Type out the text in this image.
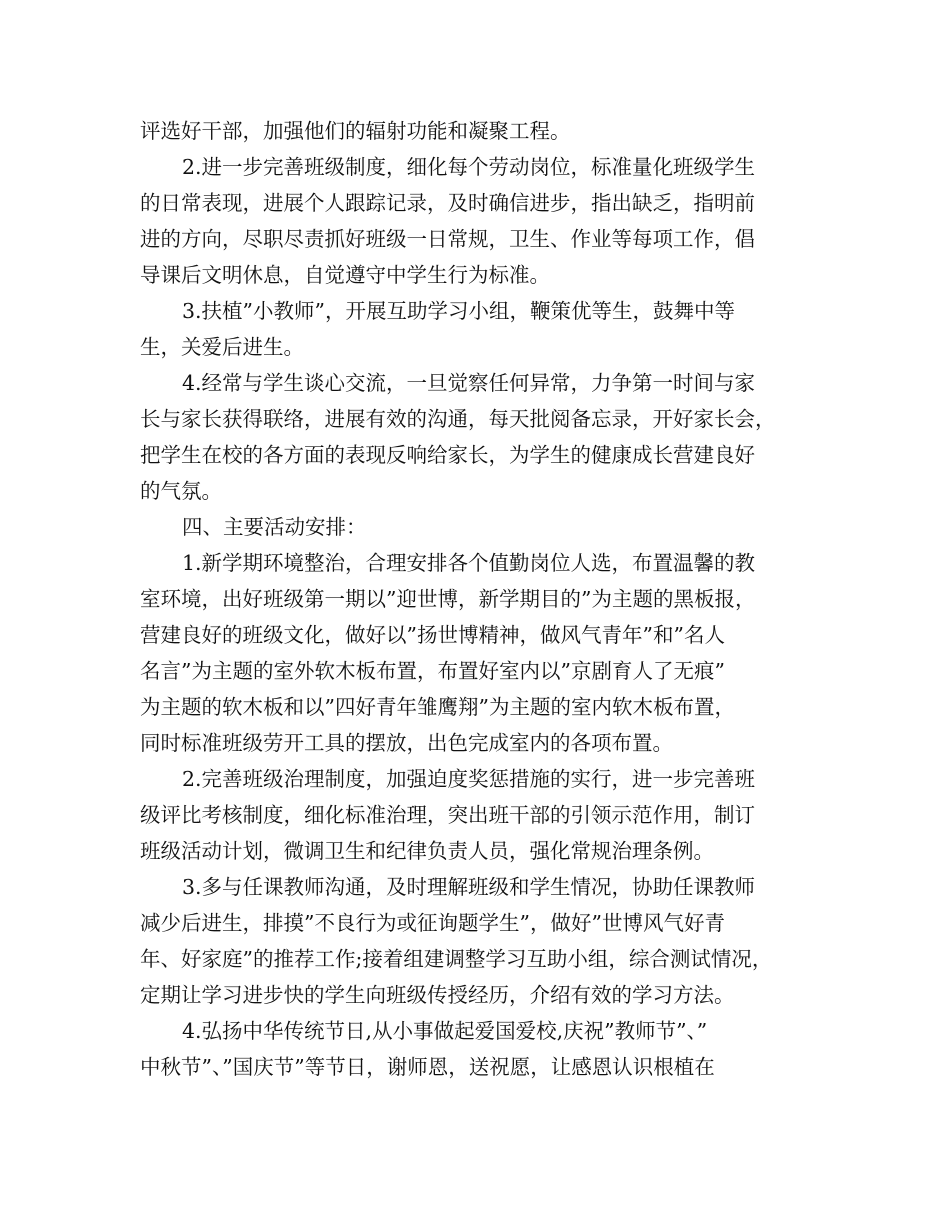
评选好干部，加强他们的辐射功能和凝聚工程。

2.进一步完善班级制度，细化每个劳动岗位，标准量化班级学生

的日常表现，进展个人跟踪记录，及时确信进步，指出缺乏，指明前

进的方向，尽职尽责抓好班级一日常规，卫生、作业等每项工作，倡

导课后文明休息，自觉遵守中学生行为标准。

3.扶植”小教师”，开展互助学习小组，鞭策优等生，鼓舞中等

生，关爱后进生。

4.经常与学生谈心交流，一旦觉察任何异常，力争第一时间与家

长与家长获得联络，进展有效的沟通，每天批阅备忘录，开好家长会，

把学生在校的各方面的表现反响给家长，为学生的健康成长营建良好

的气氛。

四、主要活动安排：

1.新学期环境整治，合理安排各个值勤岗位人选，布置温馨的教

室环境，出好班级第一期以”迎世博，新学期目的”为主题的黑板报，

营建良好的班级文化，做好以”扬世博精神，做风气青年”和”名人

名言”为主题的室外软木板布置，布置好室内以”京剧育人了无痕”

为主题的软木板和以”四好青年雏鹰翔”为主题的室内软木板布置，

同时标准班级劳开工具的摆放，出色完成室内的各项布置。

2.完善班级治理制度，加强迫度奖惩措施的实行，进一步完善班

级评比考核制度，细化标准治理，突出班干部的引领示范作用，制订

班级活动计划，微调卫生和纪律负责人员，强化常规治理条例。

3.多与任课教师沟通，及时理解班级和学生情况，协助任课教师

减少后进生，排摸”不良行为或征询题学生”，做好”世博风气好青

年、好家庭”的推荐工作;接着组建调整学习互助小组，综合测试情况，

定期让学习进步快的学生向班级传授经历，介绍有效的学习方法。

4.弘扬中华传统节日,从小事做起爱国爱校,庆祝”教师节”、”

中秋节”、”国庆节”等节日，谢师恩，送祝愿，让感恩认识根植在
